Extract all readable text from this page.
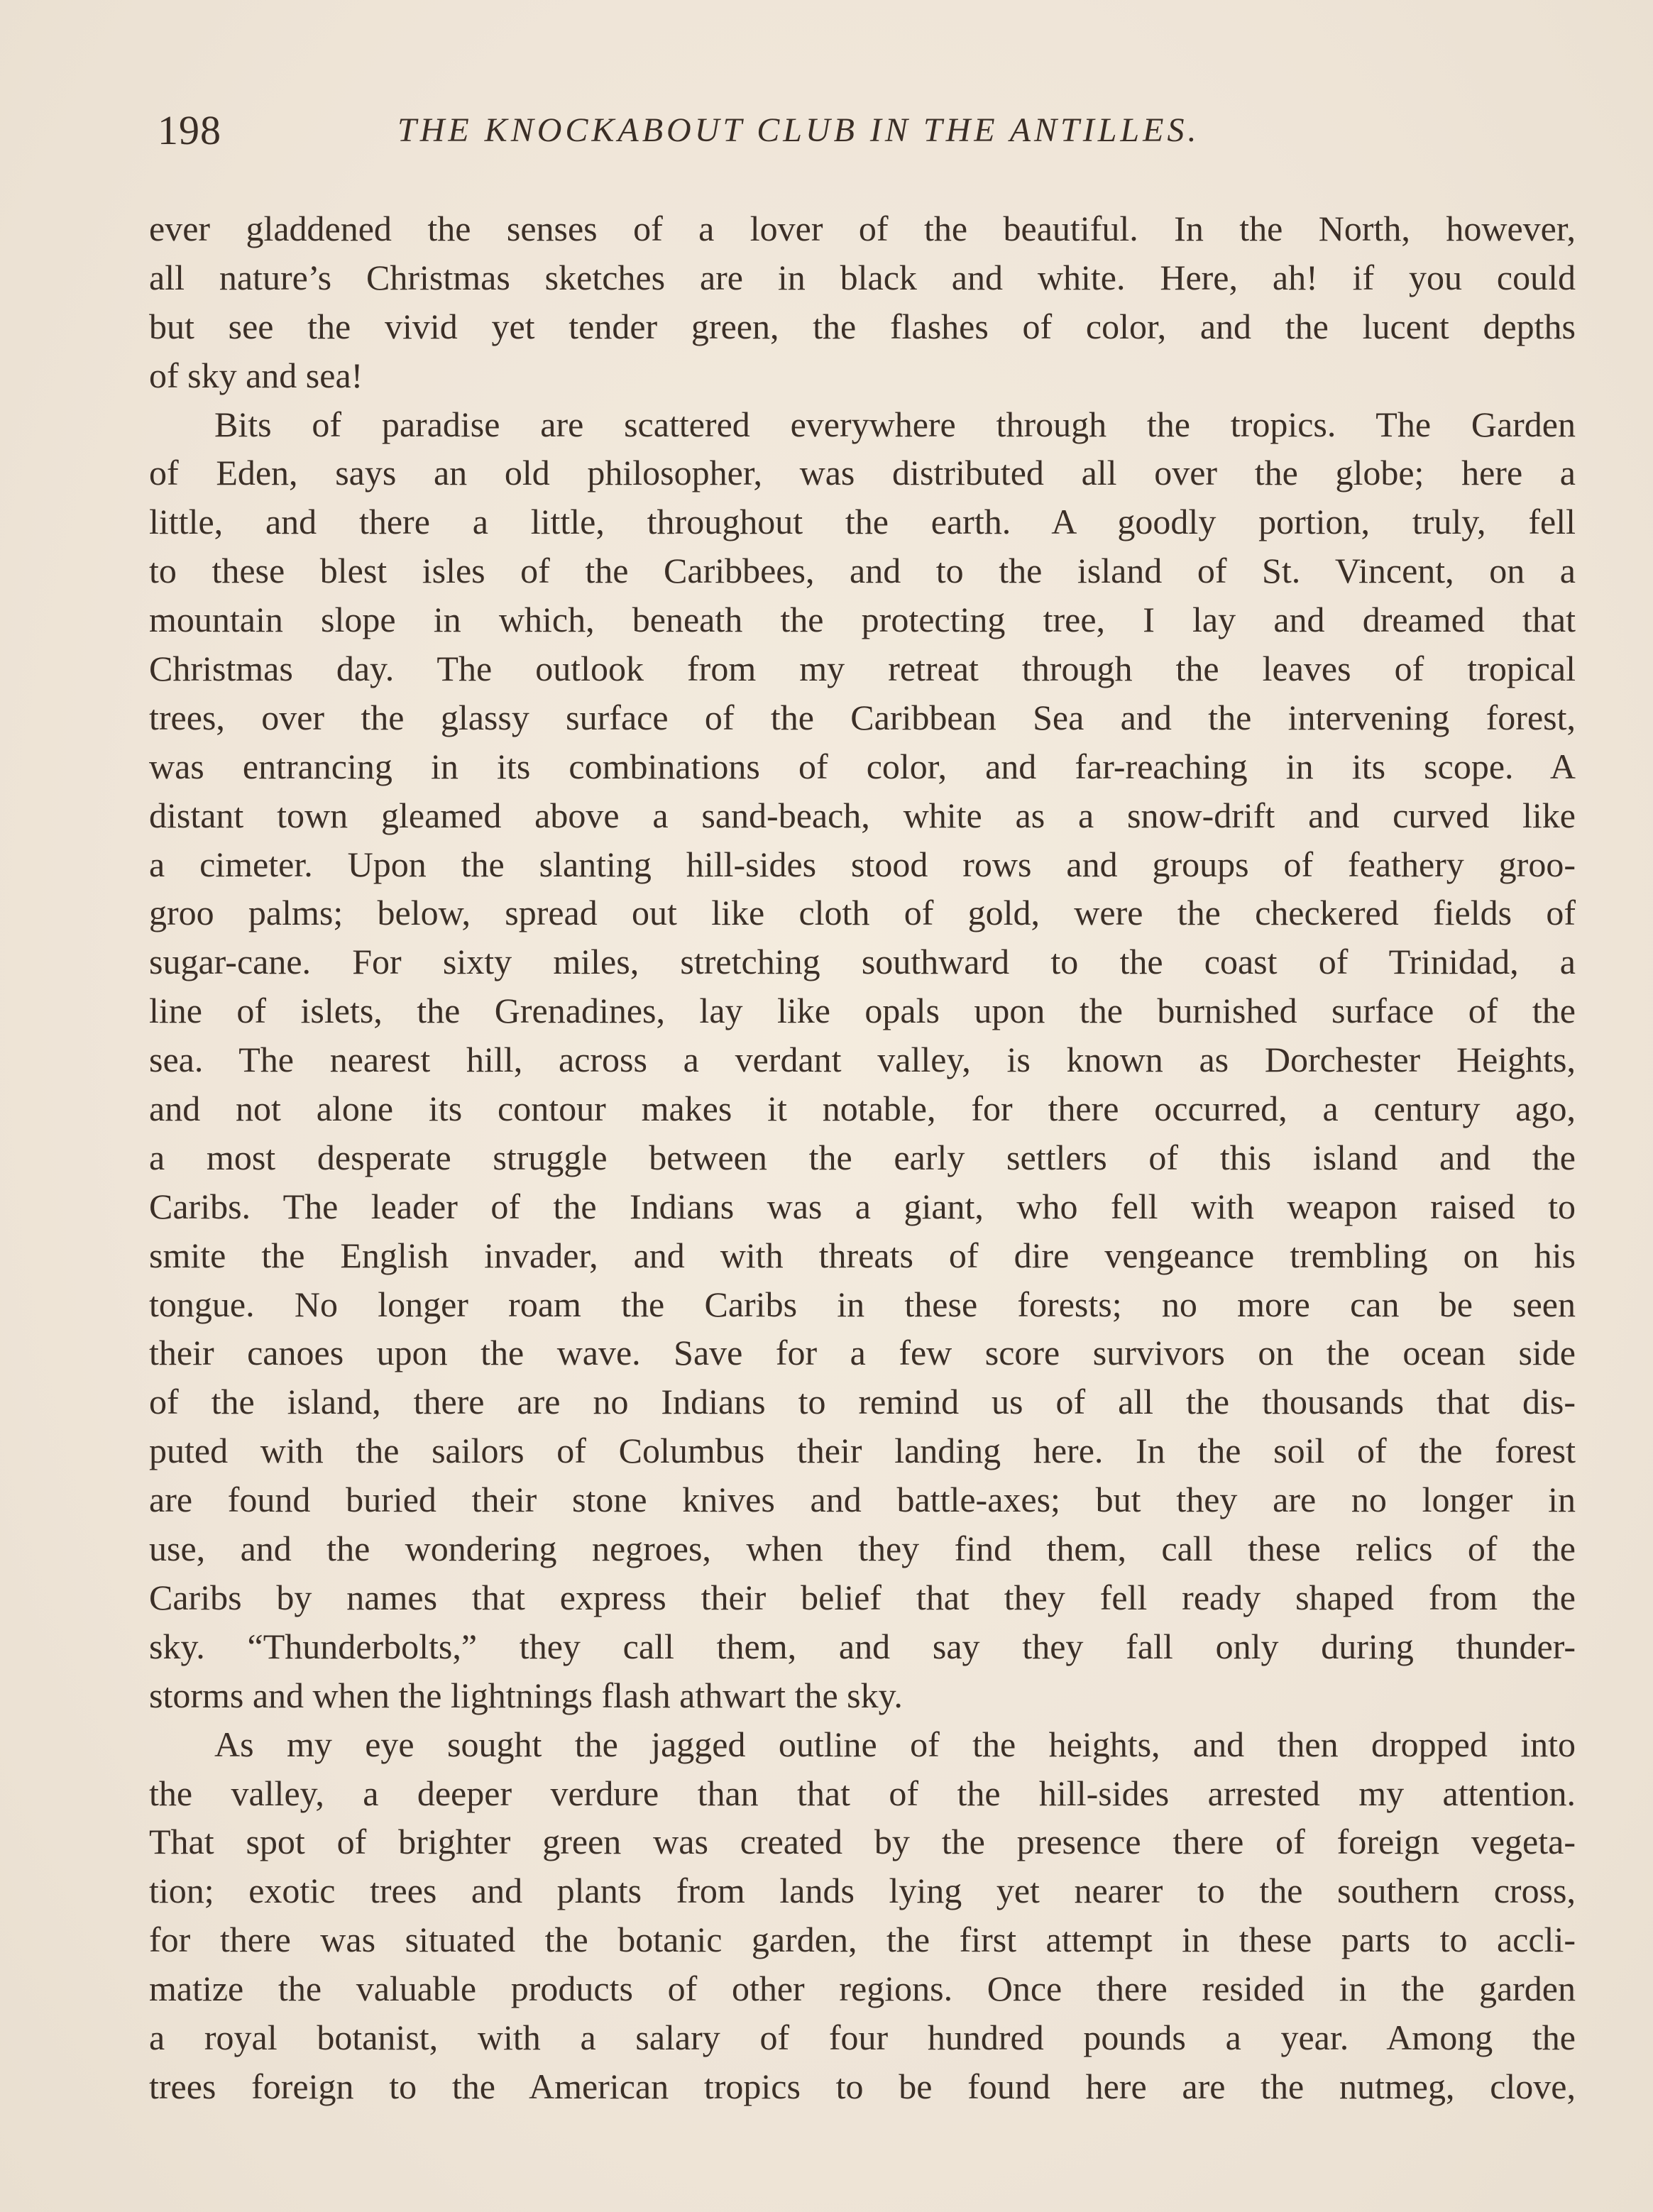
198	THE KNOCKABOUT CLUB IN THE ANTILLES.
ever gladdened the senses of a lover of the beautiful. In the North, however,
all nature’s Christmas sketches are in black and white. Here, ah! if you could
but see the vivid yet tender green, the flashes of color, and the lucent depths
of sky and sea!
Bits of paradise are scattered everywhere through the tropics. The Garden
of Eden, says an old philosopher, was distributed all over the globe; here a
little, and there a little, throughout the earth. A goodly portion, truly, fell
to these blest isles of the Caribbees, and to the island of St. Vincent, on a
mountain slope in which, beneath the protecting tree, I lay and dreamed that
Christmas day. The outlook from my retreat through the leaves of tropical
trees, over the glassy surface of the Caribbean Sea and the intervening forest,
was entrancing in its combinations of color, and far-reaching in its scope. A
distant town gleamed above a sand-beach, white as a snow-drift and curved like
a cimeter. Upon the slanting hill-sides stood rows and groups of feathery groo-
groo palms; below, spread out like cloth of gold, were the checkered fields of
sugar-cane. For sixty miles, stretching southward to the coast of Trinidad, a
line of islets, the Grenadines, lay like opals upon the burnished surface of the
sea. The nearest hill, across a verdant valley, is known as Dorchester Heights,
and not alone its contour makes it notable, for there occurred, a century ago,
a most desperate struggle between the early settlers of this island and the
Caribs. The leader of the Indians was a giant, who fell with weapon raised to
smite the English invader, and with threats of dire vengeance trembling on his
tongue. No longer roam the Caribs in these forests; no more can be seen
their canoes upon the wave. Save for a few score survivors on the ocean side
of the island, there are no Indians to remind us of all the thousands that dis-
puted with the sailors of Columbus their landing here. In the soil of the forest
are found buried their stone knives and battle-axes; but they are no longer in
use, and the wondering negroes, when they find them, call these relics of the
Caribs by names that express their belief that they fell ready shaped from the
sky. “Thunderbolts,” they call them, and say they fall only during thunder-
storms and when the lightnings flash athwart the sky.
As my eye sought the jagged outline of the heights, and then dropped into
the valley, a deeper verdure than that of the hill-sides arrested my attention.
That spot of brighter green was created by the presence there of foreign vegeta-
tion; exotic trees and plants from lands lying yet nearer to the southern cross,
for there was situated the botanic garden, the first attempt in these parts to accli-
matize the valuable products of other regions. Once there resided in the garden
a royal botanist, with a salary of four hundred pounds a year. Among the
trees foreign to the American tropics to be found here are the nutmeg, clove,
